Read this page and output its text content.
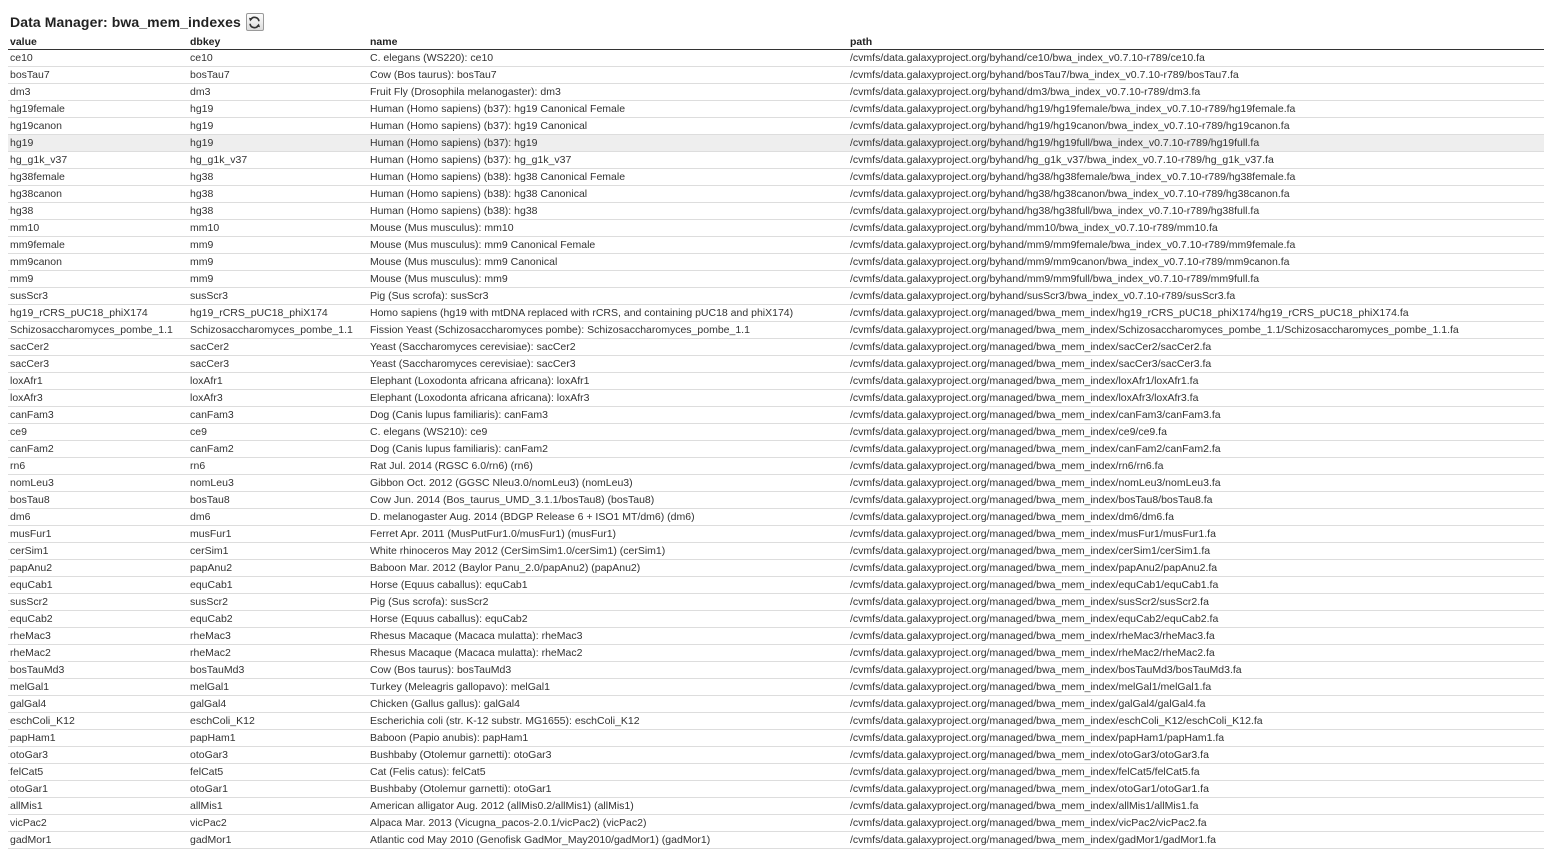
Data Manager: bwa_mem_indexes
value	dbkey	name	path
ce10	ce10	C. elegans (WS220): ce10	/cvmfs/data.galaxyproject.org/byhand/ce10/bwa_index_v0.7.10-r789/ce10.fa
bosTau7	bosTau7	Cow (Bos taurus): bosTau7	/cvmfs/data.galaxyproject.org/byhand/bosTau7/bwa_index_v0.7.10-r789/bosTau7.fa
dm3	dm3	Fruit Fly (Drosophila melanogaster): dm3	/cvmfs/data.galaxyproject.org/byhand/dm3/bwa_index_v0.7.10-r789/dm3.fa
hg19female	hg19	Human (Homo sapiens) (b37): hg19 Canonical Female	/cvmfs/data.galaxyproject.org/byhand/hg19/hg19female/bwa_index_v0.7.10-r789/hg19female.fa
hg19canon	hg19	Human (Homo sapiens) (b37): hg19 Canonical	/cvmfs/data.galaxyproject.org/byhand/hg19/hg19canon/bwa_index_v0.7.10-r789/hg19canon.fa
hg19	hg19	Human (Homo sapiens) (b37): hg19	/cvmfs/data.galaxyproject.org/byhand/hg19/hg19full/bwa_index_v0.7.10-r789/hg19full.fa
hg_g1k_v37	hg_g1k_v37	Human (Homo sapiens) (b37): hg_g1k_v37	/cvmfs/data.galaxyproject.org/byhand/hg_g1k_v37/bwa_index_v0.7.10-r789/hg_g1k_v37.fa
hg38female	hg38	Human (Homo sapiens) (b38): hg38 Canonical Female	/cvmfs/data.galaxyproject.org/byhand/hg38/hg38female/bwa_index_v0.7.10-r789/hg38female.fa
hg38canon	hg38	Human (Homo sapiens) (b38): hg38 Canonical	/cvmfs/data.galaxyproject.org/byhand/hg38/hg38canon/bwa_index_v0.7.10-r789/hg38canon.fa
hg38	hg38	Human (Homo sapiens) (b38): hg38	/cvmfs/data.galaxyproject.org/byhand/hg38/hg38full/bwa_index_v0.7.10-r789/hg38full.fa
mm10	mm10	Mouse (Mus musculus): mm10	/cvmfs/data.galaxyproject.org/byhand/mm10/bwa_index_v0.7.10-r789/mm10.fa
mm9female	mm9	Mouse (Mus musculus): mm9 Canonical Female	/cvmfs/data.galaxyproject.org/byhand/mm9/mm9female/bwa_index_v0.7.10-r789/mm9female.fa
mm9canon	mm9	Mouse (Mus musculus): mm9 Canonical	/cvmfs/data.galaxyproject.org/byhand/mm9/mm9canon/bwa_index_v0.7.10-r789/mm9canon.fa
mm9	mm9	Mouse (Mus musculus): mm9	/cvmfs/data.galaxyproject.org/byhand/mm9/mm9full/bwa_index_v0.7.10-r789/mm9full.fa
susScr3	susScr3	Pig (Sus scrofa): susScr3	/cvmfs/data.galaxyproject.org/byhand/susScr3/bwa_index_v0.7.10-r789/susScr3.fa
hg19_rCRS_pUC18_phiX174	hg19_rCRS_pUC18_phiX174	Homo sapiens (hg19 with mtDNA replaced with rCRS, and containing pUC18 and phiX174)	/cvmfs/data.galaxyproject.org/managed/bwa_mem_index/hg19_rCRS_pUC18_phiX174/hg19_rCRS_pUC18_phiX174.fa
Schizosaccharomyces_pombe_1.1	Schizosaccharomyces_pombe_1.1	Fission Yeast (Schizosaccharomyces pombe): Schizosaccharomyces_pombe_1.1	/cvmfs/data.galaxyproject.org/managed/bwa_mem_index/Schizosaccharomyces_pombe_1.1/Schizosaccharomyces_pombe_1.1.fa
sacCer2	sacCer2	Yeast (Saccharomyces cerevisiae): sacCer2	/cvmfs/data.galaxyproject.org/managed/bwa_mem_index/sacCer2/sacCer2.fa
sacCer3	sacCer3	Yeast (Saccharomyces cerevisiae): sacCer3	/cvmfs/data.galaxyproject.org/managed/bwa_mem_index/sacCer3/sacCer3.fa
loxAfr1	loxAfr1	Elephant (Loxodonta africana africana): loxAfr1	/cvmfs/data.galaxyproject.org/managed/bwa_mem_index/loxAfr1/loxAfr1.fa
loxAfr3	loxAfr3	Elephant (Loxodonta africana africana): loxAfr3	/cvmfs/data.galaxyproject.org/managed/bwa_mem_index/loxAfr3/loxAfr3.fa
canFam3	canFam3	Dog (Canis lupus familiaris): canFam3	/cvmfs/data.galaxyproject.org/managed/bwa_mem_index/canFam3/canFam3.fa
ce9	ce9	C. elegans (WS210): ce9	/cvmfs/data.galaxyproject.org/managed/bwa_mem_index/ce9/ce9.fa
canFam2	canFam2	Dog (Canis lupus familiaris): canFam2	/cvmfs/data.galaxyproject.org/managed/bwa_mem_index/canFam2/canFam2.fa
rn6	rn6	Rat Jul. 2014 (RGSC 6.0/rn6) (rn6)	/cvmfs/data.galaxyproject.org/managed/bwa_mem_index/rn6/rn6.fa
nomLeu3	nomLeu3	Gibbon Oct. 2012 (GGSC Nleu3.0/nomLeu3) (nomLeu3)	/cvmfs/data.galaxyproject.org/managed/bwa_mem_index/nomLeu3/nomLeu3.fa
bosTau8	bosTau8	Cow Jun. 2014 (Bos_taurus_UMD_3.1.1/bosTau8) (bosTau8)	/cvmfs/data.galaxyproject.org/managed/bwa_mem_index/bosTau8/bosTau8.fa
dm6	dm6	D. melanogaster Aug. 2014 (BDGP Release 6 + ISO1 MT/dm6) (dm6)	/cvmfs/data.galaxyproject.org/managed/bwa_mem_index/dm6/dm6.fa
musFur1	musFur1	Ferret Apr. 2011 (MusPutFur1.0/musFur1) (musFur1)	/cvmfs/data.galaxyproject.org/managed/bwa_mem_index/musFur1/musFur1.fa
cerSim1	cerSim1	White rhinoceros May 2012 (CerSimSim1.0/cerSim1) (cerSim1)	/cvmfs/data.galaxyproject.org/managed/bwa_mem_index/cerSim1/cerSim1.fa
papAnu2	papAnu2	Baboon Mar. 2012 (Baylor Panu_2.0/papAnu2) (papAnu2)	/cvmfs/data.galaxyproject.org/managed/bwa_mem_index/papAnu2/papAnu2.fa
equCab1	equCab1	Horse (Equus caballus): equCab1	/cvmfs/data.galaxyproject.org/managed/bwa_mem_index/equCab1/equCab1.fa
susScr2	susScr2	Pig (Sus scrofa): susScr2	/cvmfs/data.galaxyproject.org/managed/bwa_mem_index/susScr2/susScr2.fa
equCab2	equCab2	Horse (Equus caballus): equCab2	/cvmfs/data.galaxyproject.org/managed/bwa_mem_index/equCab2/equCab2.fa
rheMac3	rheMac3	Rhesus Macaque (Macaca mulatta): rheMac3	/cvmfs/data.galaxyproject.org/managed/bwa_mem_index/rheMac3/rheMac3.fa
rheMac2	rheMac2	Rhesus Macaque (Macaca mulatta): rheMac2	/cvmfs/data.galaxyproject.org/managed/bwa_mem_index/rheMac2/rheMac2.fa
bosTauMd3	bosTauMd3	Cow (Bos taurus): bosTauMd3	/cvmfs/data.galaxyproject.org/managed/bwa_mem_index/bosTauMd3/bosTauMd3.fa
melGal1	melGal1	Turkey (Meleagris gallopavo): melGal1	/cvmfs/data.galaxyproject.org/managed/bwa_mem_index/melGal1/melGal1.fa
galGal4	galGal4	Chicken (Gallus gallus): galGal4	/cvmfs/data.galaxyproject.org/managed/bwa_mem_index/galGal4/galGal4.fa
eschColi_K12	eschColi_K12	Escherichia coli (str. K-12 substr. MG1655): eschColi_K12	/cvmfs/data.galaxyproject.org/managed/bwa_mem_index/eschColi_K12/eschColi_K12.fa
papHam1	papHam1	Baboon (Papio anubis): papHam1	/cvmfs/data.galaxyproject.org/managed/bwa_mem_index/papHam1/papHam1.fa
otoGar3	otoGar3	Bushbaby (Otolemur garnetti): otoGar3	/cvmfs/data.galaxyproject.org/managed/bwa_mem_index/otoGar3/otoGar3.fa
felCat5	felCat5	Cat (Felis catus): felCat5	/cvmfs/data.galaxyproject.org/managed/bwa_mem_index/felCat5/felCat5.fa
otoGar1	otoGar1	Bushbaby (Otolemur garnetti): otoGar1	/cvmfs/data.galaxyproject.org/managed/bwa_mem_index/otoGar1/otoGar1.fa
allMis1	allMis1	American alligator Aug. 2012 (allMis0.2/allMis1) (allMis1)	/cvmfs/data.galaxyproject.org/managed/bwa_mem_index/allMis1/allMis1.fa
vicPac2	vicPac2	Alpaca Mar. 2013 (Vicugna_pacos-2.0.1/vicPac2) (vicPac2)	/cvmfs/data.galaxyproject.org/managed/bwa_mem_index/vicPac2/vicPac2.fa
gadMor1	gadMor1	Atlantic cod May 2010 (Genofisk GadMor_May2010/gadMor1) (gadMor1)	/cvmfs/data.galaxyproject.org/managed/bwa_mem_index/gadMor1/gadMor1.fa
